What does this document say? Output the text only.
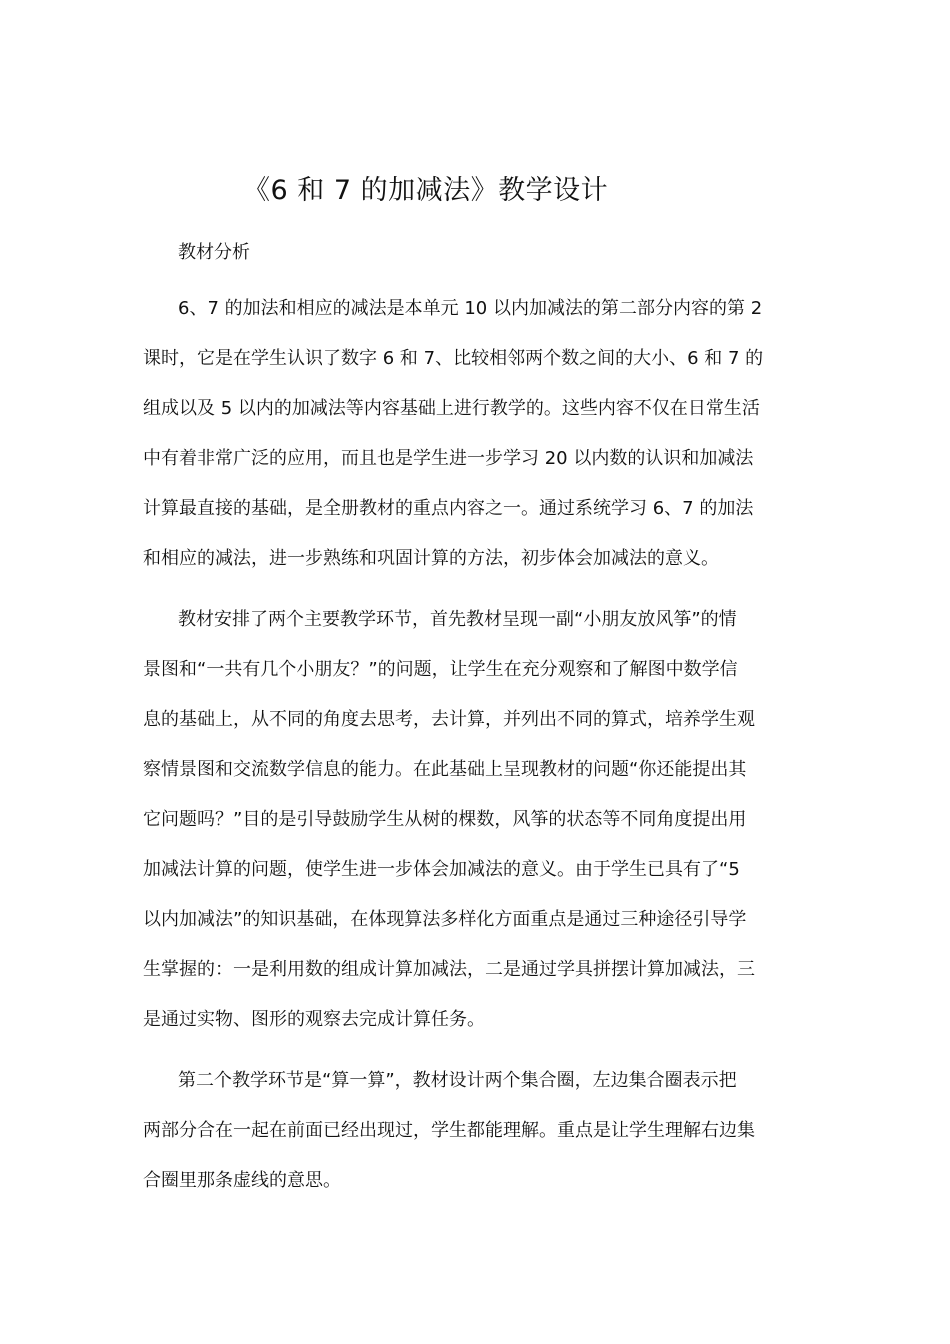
《6 和 7 的加减法》教学设计
教材分析
6、7 的加法和相应的减法是本单元 10 以内加减法的第二部分内容的第 2
课时，它是在学生认识了数字 6 和 7、比较相邻两个数之间的大小、6 和 7 的
组成以及 5 以内的加减法等内容基础上进行教学的。这些内容不仅在日常生活
中有着非常广泛的应用，而且也是学生进一步学习 20 以内数的认识和加减法
计算最直接的基础，是全册教材的重点内容之一。通过系统学习 6、7 的加法
和相应的减法，进一步熟练和巩固计算的方法，初步体会加减法的意义。
教材安排了两个主要教学环节，首先教材呈现一副“小朋友放风筝”的情
景图和“一共有几个小朋友？”的问题，让学生在充分观察和了解图中数学信
息的基础上，从不同的角度去思考，去计算，并列出不同的算式，培养学生观
察情景图和交流数学信息的能力。在此基础上呈现教材的问题“你还能提出其
它问题吗？”目的是引导鼓励学生从树的棵数，风筝的状态等不同角度提出用
加减法计算的问题，使学生进一步体会加减法的意义。由于学生已具有了“5
以内加减法”的知识基础，在体现算法多样化方面重点是通过三种途径引导学
生掌握的：一是利用数的组成计算加减法，二是通过学具拼摆计算加减法，三
是通过实物、图形的观察去完成计算任务。
第二个教学环节是“算一算”，教材设计两个集合圈，左边集合圈表示把
两部分合在一起在前面已经出现过，学生都能理解。重点是让学生理解右边集
合圈里那条虚线的意思。
